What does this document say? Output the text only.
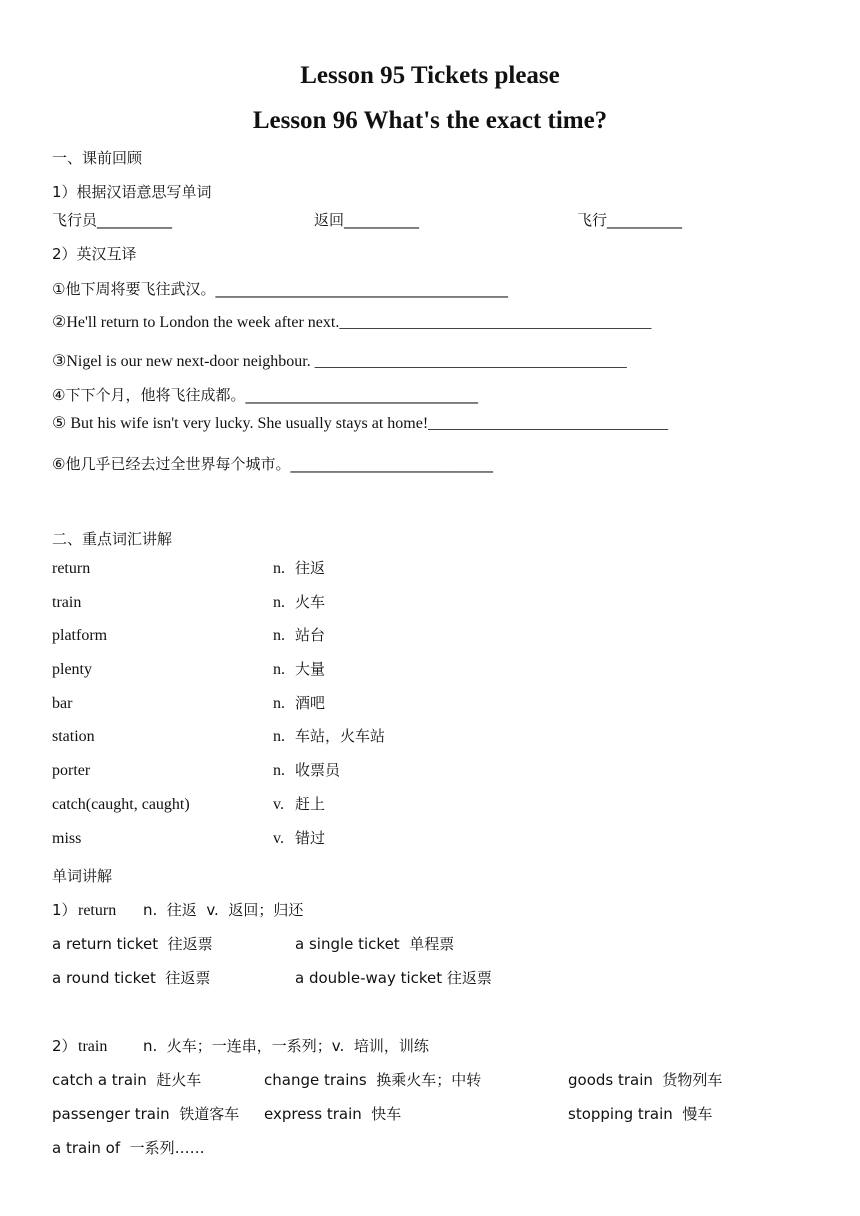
Lesson 95 Tickets please
Lesson 96 What's the exact time?
一、课前回顾
1）根据汉语意思写单词
飞行员__________	返回__________	飞行__________
2）英汉互译
①他下周将要飞往武汉。_______________________________________
②He'll return to London the week after next._______________________________________
③Nigel is our new next-door neighbour. _______________________________________
④下下个月，他将飞往成都。_______________________________
⑤ But his wife isn't very lucky. She usually stays at home!______________________________
⑥他几乎已经去过全世界每个城市。___________________________
二、重点词汇讲解
return	n. 往返
train	n. 火车
platform	n. 站台
plenty	n. 大量
bar	n. 酒吧
station	n. 车站，火车站
porter	n. 收票员
catch(caught, caught)	v. 赶上
miss	v. 错过
单词讲解
1） return n.  往返  v.  返回；归还
a return ticket  往返票	a single ticket  单程票
a round ticket  往返票	a double-way ticket 往返票
2） train n.  火车；一连串，一系列；v.  培训，训练
catch a train  赶火车	change trains  换乘火车；中转	goods train  货物列车
passenger train  铁道客车 express train  快车	stopping train  慢车
a train of  一系列……
